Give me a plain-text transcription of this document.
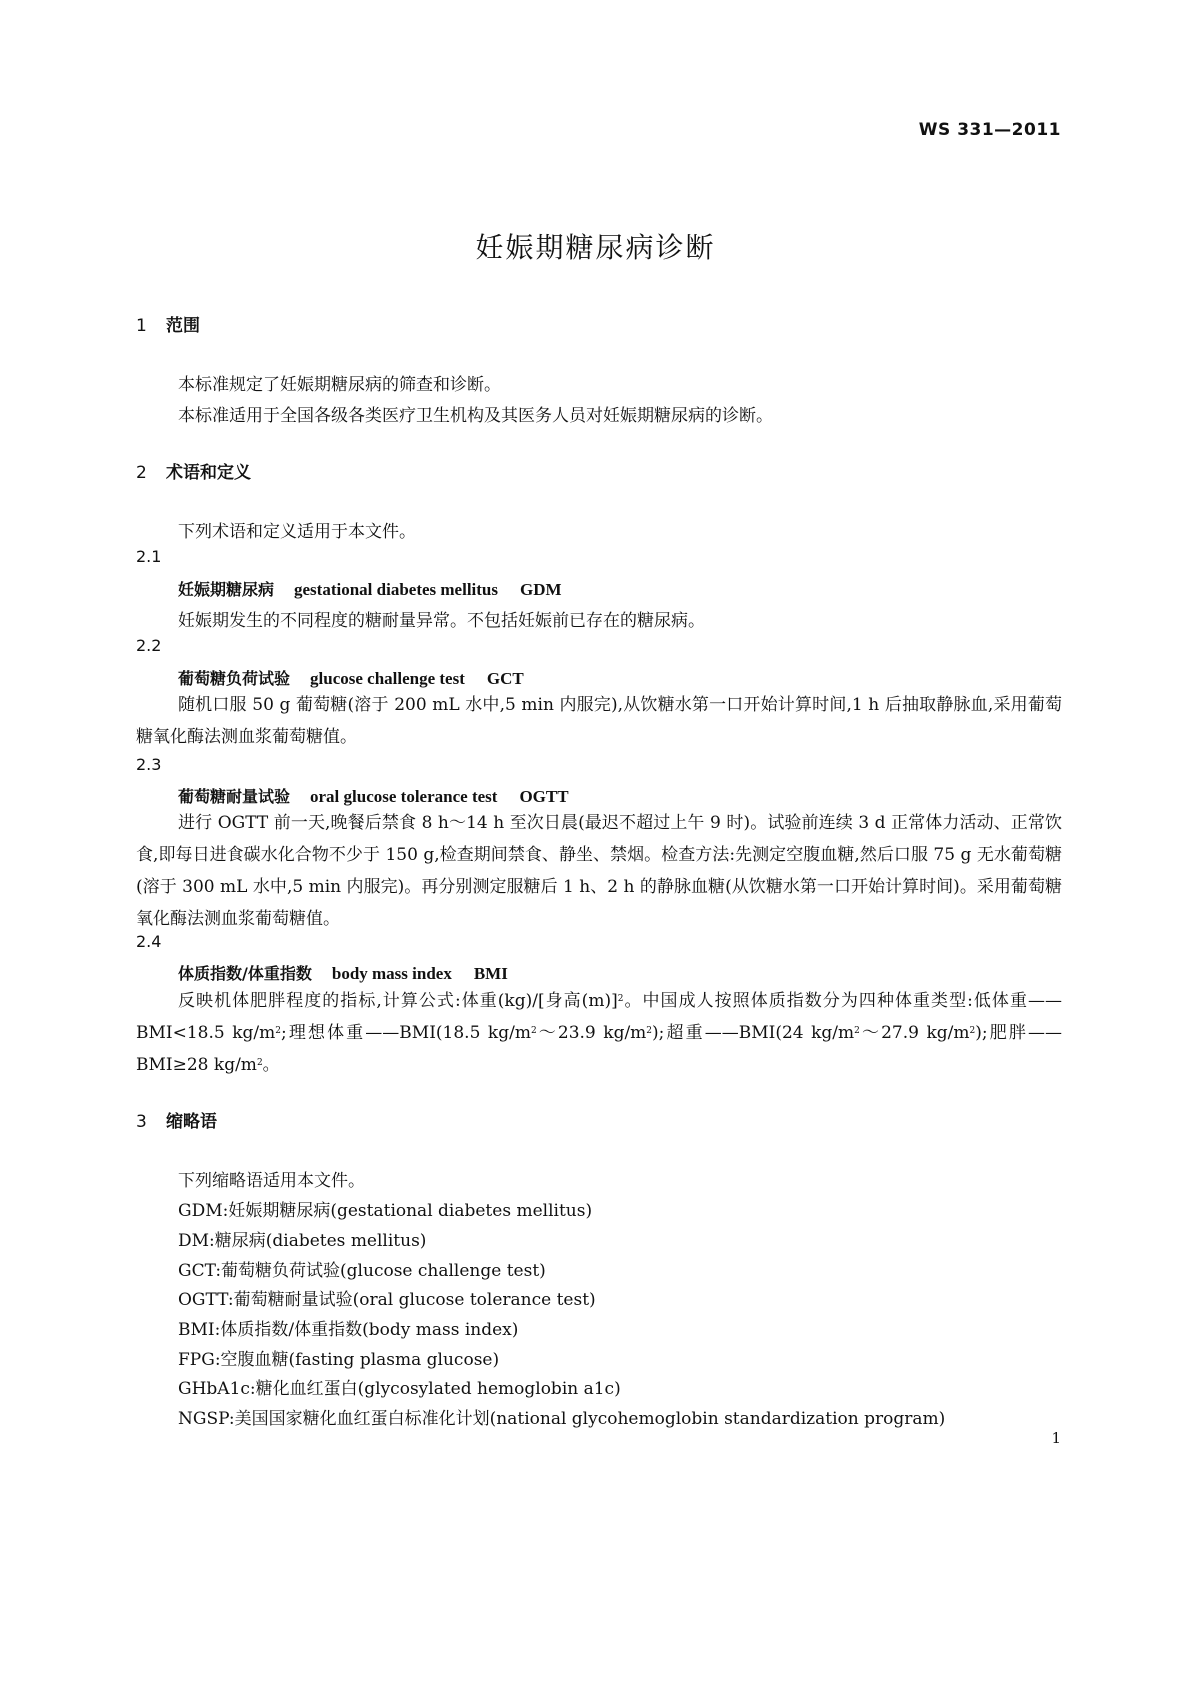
WS 331—2011
妊娠期糖尿病诊断
1 范围
本标准规定了妊娠期糖尿病的筛查和诊断。
本标准适用于全国各级各类医疗卫生机构及其医务人员对妊娠期糖尿病的诊断。
2 术语和定义
下列术语和定义适用于本文件。
2.1
妊娠期糖尿病 gestational diabetes mellitus GDM
妊娠期发生的不同程度的糖耐量异常。不包括妊娠前已存在的糖尿病。
2.2
葡萄糖负荷试验 glucose challenge test GCT
随机口服 50 g 葡萄糖(溶于 200 mL 水中,5 min 内服完),从饮糖水第一口开始计算时间,1 h 后抽取静脉血,采用葡萄糖氧化酶法测血浆葡萄糖值。
2.3
葡萄糖耐量试验 oral glucose tolerance test OGTT
进行 OGTT 前一天,晚餐后禁食 8 h～14 h 至次日晨(最迟不超过上午 9 时)。试验前连续 3 d 正常体力活动、正常饮食,即每日进食碳水化合物不少于 150 g,检查期间禁食、静坐、禁烟。检查方法:先测定空腹血糖,然后口服 75 g 无水葡萄糖(溶于 300 mL 水中,5 min 内服完)。再分别测定服糖后 1 h、2 h 的静脉血糖(从饮糖水第一口开始计算时间)。采用葡萄糖氧化酶法测血浆葡萄糖值。
2.4
体质指数/体重指数 body mass index BMI
反映机体肥胖程度的指标,计算公式:体重(kg)/[身高(m)]$^2$。中国成人按照体质指数分为四种体重类型:低体重——BMI<18.5 $kg/m^2$;理想体重——BMI(18.5 $kg/m^2\sim 23.9$ $kg/m^2$);超重——BMI(24 $kg/m^2\sim 27.9$ $kg/m^2$);肥胖——BMI≥28 $kg/m^2$。
3 缩略语
下列缩略语适用本文件。
GDM:妊娠期糖尿病(gestational diabetes mellitus)
DM:糖尿病(diabetes mellitus)
GCT:葡萄糖负荷试验(glucose challenge test)
OGTT:葡萄糖耐量试验(oral glucose tolerance test)
BMI:体质指数/体重指数(body mass index)
FPG:空腹血糖(fasting plasma glucose)
GHbA1c:糖化血红蛋白(glycosylated hemoglobin a1c)
NGSP:美国国家糖化血红蛋白标准化计划(national glycohemoglobin standardization program)
1
